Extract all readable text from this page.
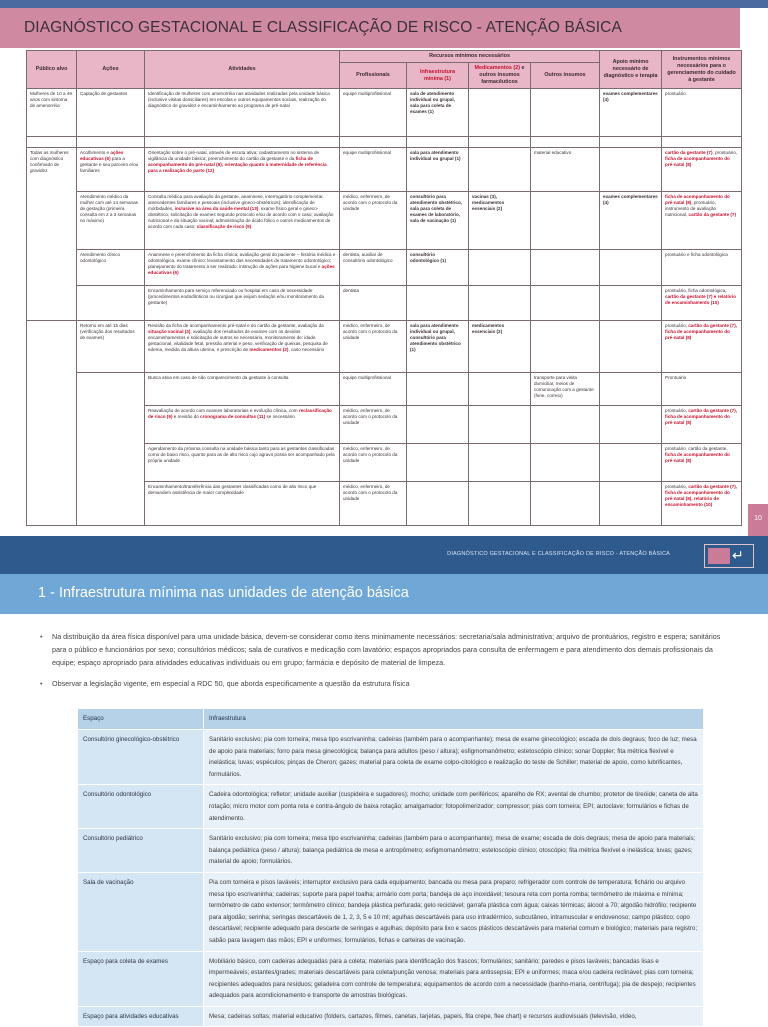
DIAGNÓSTICO GESTACIONAL E CLASSIFICAÇÃO DE RISCO - ATENÇÃO BÁSICA
Público alvo	Ações	Atividades	Recursos mínimos necessários				Apoio mínimo necessário de diagnóstico e terapia	Instrumentos mínimos necessários para o gerenciamento do cuidado à gestante
			Profissionais	Infraestrutura mínima (1)	Medicamentos (2) e outros insumos farmacêuticos	Outros insumos		
Mulheres de 10 a 49 anos com sintoma de amenorréia	Captação de gestantes	Identificação de mulheres com amenorréia nas atividades realizadas pela unidade básica (inclusive visitas domiciliares) em escolas e outros equipamentos sociais, realização do diagnóstico de gravidez e encaminhamento ao programa de pré-natal	equipe multiprofissional	sala de atendimento individual ou grupal, sala para coleta de exames (1)			exames complementares (4)	prontuário

Todas as mulheres com diagnóstico confirmado de gravidez	Acolhimento e ações educativas (6) para a gestante e seu parceiro e/ou familiares	Orientação sobre o pré-natal, através de escuta ativa; cadastramento no sistema de vigilância da unidade básica; preenchimento do cartão da gestante e da ficha de acompanhamento do pré-natal (8); orientação quanto à maternidade de referência para a realização do parto (12)	equipe multiprofissional	sala para atendimento individual ou grupal (1)		material educativo		cartão da gestante (7), prontuário, ficha de acompanhamento do pré-natal (8)
	Atendimento médico da mulher com até 14 semanas de gestação (primeira consulta em 2 a 3 semanas no máximo)	Consulta médica para avaliação da gestante, anamnese, interrogatório complementar, antecedentes familiares e pessoais (inclusive gineco-obstétricos); identificação de morbidades, inclusive na área da saúde mental (13), exame físico geral e gineco-obstétrico; solicitação de exames segundo protocolo e/ou de acordo com o caso; avaliação nutricional e da situação vacinal; administração de ácido fólico e outros medicamentos de acordo com cada caso; classificação de risco (9)	médico, enfermeiro, de acordo com o protocolo da unidade	consultório para atendimento obstétrico, sala para coleta de exames de laboratório, sala de vacinação (1)	vacinas (3), medicamentos essenciais (2)		exames complementares (4)	ficha de acompanhamento do pré-natal (8), prontuário, instrumento de avaliação nutricional, cartão da gestante (7)
	Atendimento clínico odontológico	Anamnese e preenchimento da ficha clínica; avaliação geral do paciente – história médica e odontológica, exame clínico; levantamento das necessidades de tratamento odontológico; planejamento do tratamento a ser realizado; instrução de ações para higiene bucal e ações educativas (6)	dentista, auxiliar de consultório odontológico	consultório odontológico (1)				prontuário e ficha odontológica
		Encaminhamento para serviço referenciado ou hospital em caso de necessidade (procedimentos endodônticos ou cirurgias que exijam sedação e/ou monitoramento da gestante)	dentista					prontuário, ficha odontológica, cartão da gestante (7) e relatório de encaminhamento (10)
	Retorno em até 15 dias (verificação dos resultados de exames)	Revisão da ficha de acompanhamento pré-natal e do cartão da gestante, avaliação da situação vacinal (3), avaliação dos resultados de exames com os devidos encaminhamentos e solicitação de outros se necessário, monitoramento de: idade gestacional, vitalidade fetal, pressão arterial e peso, verificação de queixas, pesquisa de edema, medida da altura uterina, e prescrição de medicamentos (2), caso necessário	médico, enfermeiro, de acordo com o protocolo da unidade	sala para atendimento individual ou grupal, consultório para atendimento obstétrico (1)	medicamentos essenciais (2)			prontuário, cartão da gestante (7), ficha de acompanhamento do pré-natal (8)
		Busca ativa em caso de não comparecimento da gestante à consulta	equipe multiprofissional			transporte para visita domiciliar, meios de comunicação com a gestante (fone, correio)		Prontuário
		Reavaliação de acordo com exames laboratoriais e evolução clínica, com reclassificação de risco (9) e revisão do cronograma de consultas (11) se necessário	médico, enfermeiro, de acordo com o protocolo da unidade					prontuário, cartão da gestante (7), ficha de acompanhamento do pré-natal (8)
		Agendamento da próxima consulta na unidade básica tanto para as gestantes classificadas como de baixo risco, quanto para as de alto risco cujo agravo possa ser acompanhado pela própria unidade	médico, enfermeiro, de acordo com o protocolo da unidade					prontuário, cartão da gestante, ficha de acompanhamento do pré-natal (8)
		Encaminhamento/transferência das gestantes classificadas como de alto risco que demandem assistência de maior complexidade	médico, enfermeiro, de acordo com o protocolo da unidade					prontuário, cartão da gestante (7), ficha de acompanhamento do pré-natal (8), relatório de encaminhamento (10)
10
DIAGNÓSTICO GESTACIONAL E CLASSIFICAÇÃO DE RISCO - ATENÇÃO BÁSICA	↵
1 - Infraestrutura mínima nas unidades de atenção básica
• Na distribuição da área física disponível para uma unidade básica, devem-se considerar como itens minimamente necessários: secretaria/sala administrativa; arquivo de prontuários, registro e espera; sanitários para o público e funcionários por sexo; consultórios médicos; sala de curativos e medicação com lavatório; espaços apropriados para consulta de enfermagem e para atendimento dos demais profissionais da equipe; espaço apropriado para atividades educativas individuais ou em grupo; farmácia e depósito de material de limpeza.
• Observar a legislação vigente, em especial a RDC 50, que aborda especificamente a questão da estrutura física
Espaço	Infraestrutura
Consultório ginecológico-obstétrico	Sanitário exclusivo; pia com torneira; mesa tipo escrivaninha; cadeiras (também para o acompanhante); mesa de exame ginecológico; escada de dois degraus; foco de luz; mesa de apoio para materiais; forro para mesa ginecológica; balança para adultos (peso / altura); esfigmomanômetro; estetoscópio clínico; sonar Doppler; fita métrica flexível e inelástica; luvas; espéculos; pinças de Cheron; gazes; material para coleta de exame colpo-citológico e realização do teste de Schiller; material de apoio, como lubrificantes, formulários.
Consultório odontológico	Cadeira odontológica; refletor; unidade auxiliar (cuspideira e sugadores); mocho; unidade com periféricos; aparelho de RX; avental de chumbo; protetor de tireóide; caneta de alta rotação; micro motor com ponta reta e contra-ângulo de baixa rotação; amalgamador; fotopolimerizador; compressor; pias com torneira; EPI; autoclave; formulários e fichas de atendimento.
Consultório pediátrico	Sanitário exclusivo; pia com torneira; mesa tipo escrivaninha; cadeiras (também para o acompanhante); mesa de exame; escada de dois degraus; mesa de apoio para materiais; balança pediátrica (peso / altura); balança pediátrica de mesa e antropômetro; esfigmomanômetro; estetoscópio clínico; otoscópio; fita métrica flexível e inelástica; luvas; gazes; material de apoio; formulários.
Sala de vacinação	Pia com torneira e pisos laváveis; interruptor exclusivo para cada equipamento; bancada ou mesa para preparo; refrigerador com controle de temperatura; fichário ou arquivo mesa tipo escrivaninha; cadeiras; suporte para papel toalha; armário com porta; bandeja de aço inoxidável; tesoura reta com ponta romba; termômetro de máxima e mínima; termômetro de cabo extensor; termômetro clínico; bandeja plástica perfurada; gelo reciclável; garrafa plástica com água; caixas térmicas; álcool a 70; algodão hidrófilo; recipiente para algodão; serinha; seringas descartáveis de 1, 2, 3, 5 e 10 ml; agulhas descartáveis para uso intradérmico, subcutâneo, intramuscular e endovenoso; campo plástico; copo descartável; recipiente adequado para descarte de seringas e agulhas; depósito para lixo e sacos plásticos descartáveis para material comum e biológico; materiais para registro; sabão para lavagem das mãos; EPI e uniformes; formulários, fichas e carteiras de vacinação.
Espaço para coleta de exames	Mobiliário básico, com cadeiras adequadas para a coleta; materiais para identificação dos frascos; formulários; sanitário; paredes e pisos laváveis; bancadas lisas e impermeáveis; estantes/grades; materiais descartáveis para coleta/punção venosa; materiais para antissepsia; EPI e uniformes; maca e/ou cadeira reclinável; pias com torneira; recipientes adequados para resíduos; geladeira com controle de temperatura; equipamentos de acordo com a necessidade (banho-maria, centrífuga); pia de despejo; recipientes adequados para acondicionamento e transporte de amostras biológicas.
Espaço para atividades educativas	Mesa; cadeiras soltas; material educativo (folders, cartazes, filmes, canetas, tarjetas, papeis, fita crepe, flee chart) e recursos audiovisuais (televisão, vídeo,
